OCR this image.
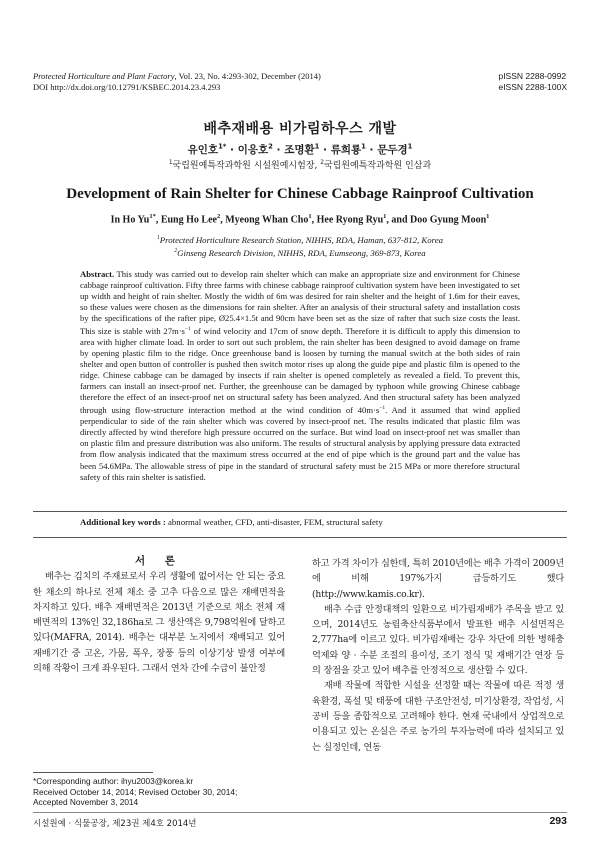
Protected Horticulture and Plant Factory, Vol. 23, No. 4:293-302, December (2014)
DOI http://dx.doi.org/10.12791/KSBEC.2014.23.4.293
pISSN 2288-0992
eISSN 2288-100X
배추재배용 비가림하우스 개발
유인호$^{1*}$ · 이응호$^2$ · 조명환$^1$ · 류희룡$^1$ · 문두경$^1$
$^1$국립원예특작과학원 시설원예시험장, $^2$국립원예특작과학원 인삼과
Development of Rain Shelter for Chinese Cabbage Rainproof Cultivation
In Ho $Yu^{1*}$, Eung Ho Lee$^2$, Myeong Whan Cho$^1$, Hee Ryong Ryu$^1$, and Doo Gyung Moon$^1$
$^1$Protected Horticulture Research Station, NIHHS, RDA, Haman, 637-812, Korea
$^2$Ginseng Research Division, NIHHS, RDA, Eumseong, 369-873, Korea
Abstract. This study was carried out to develop rain shelter which can make an appropriate size and environment for Chinese cabbage rainproof cultivation. Fifty three farms with chinese cabbage rainproof cultivation system have been investigated to set up width and height of rain shelter. Mostly the width of 6m was desired for rain shelter and the height of 1.6m for their eaves, so these values were chosen as the dimensions for rain shelter. After an analysis of their structural safety and installation costs by the specifications of the rafter pipe, Ø25.4×1.5t and 90cm have been set as the size of rafter that such size costs the least. This size is stable with $27m\cdot s^{-1}$ of wind velocity and 17cm of snow depth. Therefore it is difficult to apply this dimension to area with higher climate load. In order to sort out such problem, the rain shelter has been designed to avoid damage on frame by opening plastic film to the ridge. Once greenhouse band is loosen by turning the manual switch at the both sides of rain shelter and open button of controller is pushed then switch motor rises up along the guide pipe and plastic film is opened to the ridge. Chinese cabbage can be damaged by insects if rain shelter is opened completely as revealed a field. To prevent this, farmers can install an insect-proof net. Further, the greenhouse can be damaged by typhoon while growing Chinese cabbage therefore the effect of an insect-proof net on structural safety has been analyzed. And then structural safety has been analyzed through using flow-structure interaction method at the wind condition of $40m\cdot s^{-1}$. And it assumed that wind applied perpendicular to side of the rain shelter which was covered by insect-proof net. The results indicated that plastic film was directly affected by wind therefore high pressure occurred on the surface. But wind load on insect-proof net was smaller than on plastic film and pressure distribution was also uniform. The results of structural analysis by applying pressure data extracted from flow analysis indicated that the maximum stress occurred at the end of pipe which is the ground part and the value has been 54.6MPa. The allowable stress of pipe in the standard of structural safety must be 215 MPa or more therefore structural safety of this rain shelter is satisfied.
Additional key words : abnormal weather, CFD, anti-disaster, FEM, structural safety

서 론

배추는 김치의 주재료로서 우리 생활에 없어서는 안 되는 중요한 채소의 하나로 전체 채소 중 고추 다음으로 많은 재배면적을 차지하고 있다. 배추 재배면적은 2013년 기준으로 채소 전체 재배면적의 13%인 32,186ha로 그 생산액은 9,798억원에 달하고 있다(MAFRA, 2014). 배추는 대부분 노지에서 재배되고 있어 재배기간 중 고온, 가뭄, 폭우, 장풍 등의 이상기상 발생 여부에 의해 작황이 크게 좌우된다. 그래서 연차 간에 수급이 불안정

하고 가격 차이가 심한데, 특히 2010년에는 배추 가격이 2009년에 비해 197%가지 급등하기도 했다(http://www.kamis.co.kr).

배추 수급 안정대책의 일환으로 비가림재배가 주목을 받고 있으며, 2014년도 농림축산식품부에서 발표한 배추 시설면적은 2,777ha에 이르고 있다. 비가림재배는 강우 차단에 의한 병해충 억제와 양 · 수분 조절의 용이성, 조기 정식 및 재배기간 연장 등의 장점을 갖고 있어 배추를 안정적으로 생산할 수 있다.

재배 작물에 적합한 시설을 선정할 때는 작물에 따른 적정 생육환경, 폭설 및 태풍에 대한 구조안전성, 미기상환경, 작업성, 시공비 등을 종합적으로 고려해야 한다. 현재 국내에서 상업적으로 이용되고 있는 온실은 주로 농가의 투자능력에 따라 설치되고 있는 실정인데, 연동

*Corresponding author: ihyu2003@korea.kr
Received October 14, 2014; Revised October 30, 2014;
Accepted November 3, 2014
시설원예 · 식물공장, 제23권 제4호 2014년	293
